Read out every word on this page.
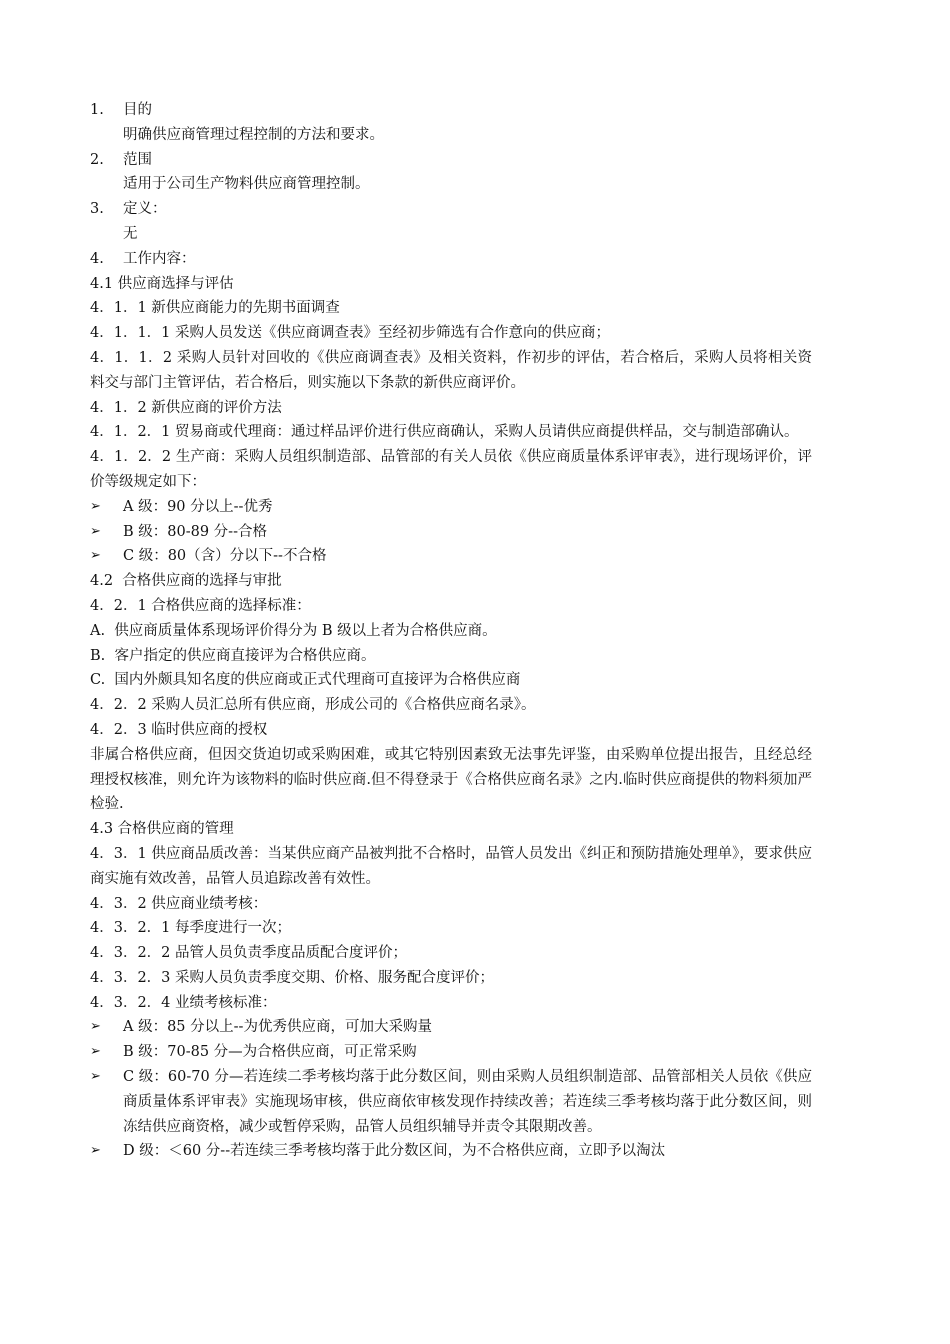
1. 目的

明确供应商管理过程控制的方法和要求。

2. 范围

适用于公司生产物料供应商管理控制。

3. 定义：

无

4. 工作内容：

4.1 供应商选择与评估

4．1．1 新供应商能力的先期书面调查

4．1．1．1 采购人员发送《供应商调查表》至经初步筛选有合作意向的供应商；

4．1．1．2 采购人员针对回收的《供应商调查表》及相关资料，作初步的评估，若合格后，采购人员将相关资料交与部门主管评估，若合格后，则实施以下条款的新供应商评价。

4．1．2 新供应商的评价方法

4．1．2．1 贸易商或代理商：通过样品评价进行供应商确认，采购人员请供应商提供样品，交与制造部确认。

4．1．2．2 生产商：采购人员组织制造部、品管部的有关人员依《供应商质量体系评审表》，进行现场评价，评价等级规定如下：

➢	A 级：90 分以上--优秀

➢	B 级：80-89 分--合格

➢	C 级：80（含）分以下--不合格

4.2  合格供应商的选择与审批

4．2．1 合格供应商的选择标准：

A.  供应商质量体系现场评价得分为 B 级以上者为合格供应商。

B.  客户指定的供应商直接评为合格供应商。

C.  国内外颇具知名度的供应商或正式代理商可直接评为合格供应商

4．2．2 采购人员汇总所有供应商，形成公司的《合格供应商名录》。

4．2．3 临时供应商的授权

非属合格供应商，但因交货迫切或采购困难，或其它特别因素致无法事先评鉴，由采购单位提出报告，且经总经理授权核准，则允许为该物料的临时供应商.但不得登录于《合格供应商名录》之内.临时供应商提供的物料须加严检验.

4.3 合格供应商的管理

4．3．1 供应商品质改善：当某供应商产品被判批不合格时，品管人员发出《纠正和预防措施处理单》，要求供应商实施有效改善，品管人员追踪改善有效性。

4．3．2 供应商业绩考核：

4．3．2．1 每季度进行一次；

4．3．2．2 品管人员负责季度品质配合度评价；

4．3．2．3 采购人员负责季度交期、价格、服务配合度评价；

4．3．2．4 业绩考核标准：

➢	A 级：85 分以上--为优秀供应商，可加大采购量

➢	B 级：70-85 分—为合格供应商，可正常采购

➢	C 级：60-70 分—若连续二季考核均落于此分数区间，则由采购人员组织制造部、品管部相关人员依《供应商质量体系评审表》实施现场审核，供应商依审核发现作持续改善；若连续三季考核均落于此分数区间，则冻结供应商资格，减少或暂停采购，品管人员组织辅导并责令其限期改善。

➢	D 级：＜60 分--若连续三季考核均落于此分数区间，为不合格供应商，立即予以淘汰
